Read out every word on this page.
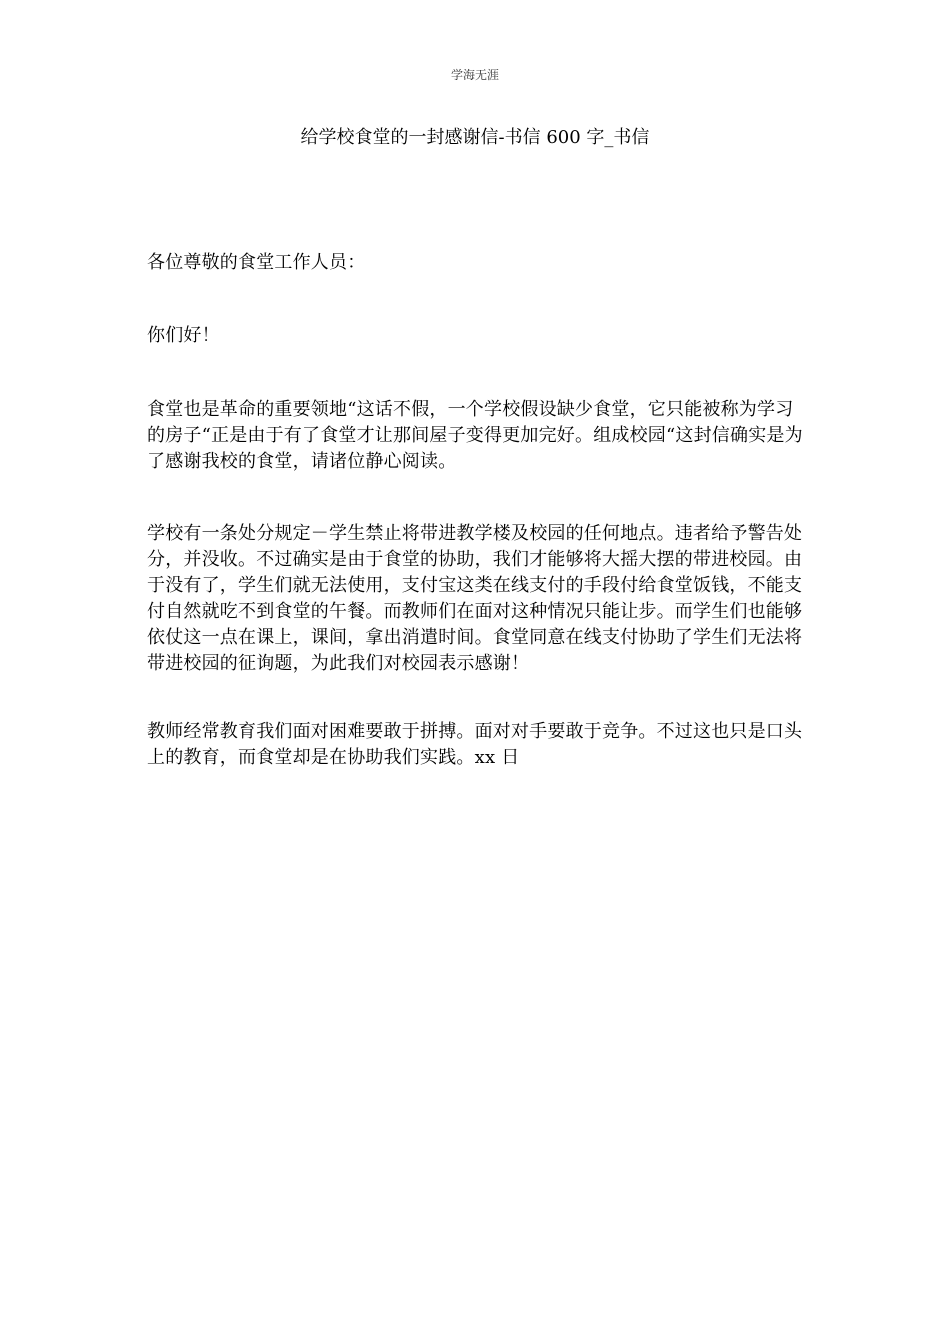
学海无涯
给学校食堂的一封感谢信-书信 600 字_书信

各位尊敬的食堂工作人员：

你们好！

食堂也是革命的重要领地“这话不假，一个学校假设缺少食堂，它只能被称为学习的房子“正是由于有了食堂才让那间屋子变得更加完好。组成校园“这封信确实是为了感谢我校的食堂，请诸位静心阅读。

学校有一条处分规定－学生禁止将带进教学楼及校园的任何地点。违者给予警告处分，并没收。不过确实是由于食堂的协助，我们才能够将大摇大摆的带进校园。由于没有了，学生们就无法使用，支付宝这类在线支付的手段付给食堂饭钱，不能支付自然就吃不到食堂的午餐。而教师们在面对这种情况只能让步。而学生们也能够依仗这一点在课上，课间，拿出消遣时间。食堂同意在线支付协助了学生们无法将带进校园的征询题，为此我们对校园表示感谢！

教师经常教育我们面对困难要敢于拼搏。面对对手要敢于竞争。不过这也只是口头上的教育，而食堂却是在协助我们实践。xx 日
